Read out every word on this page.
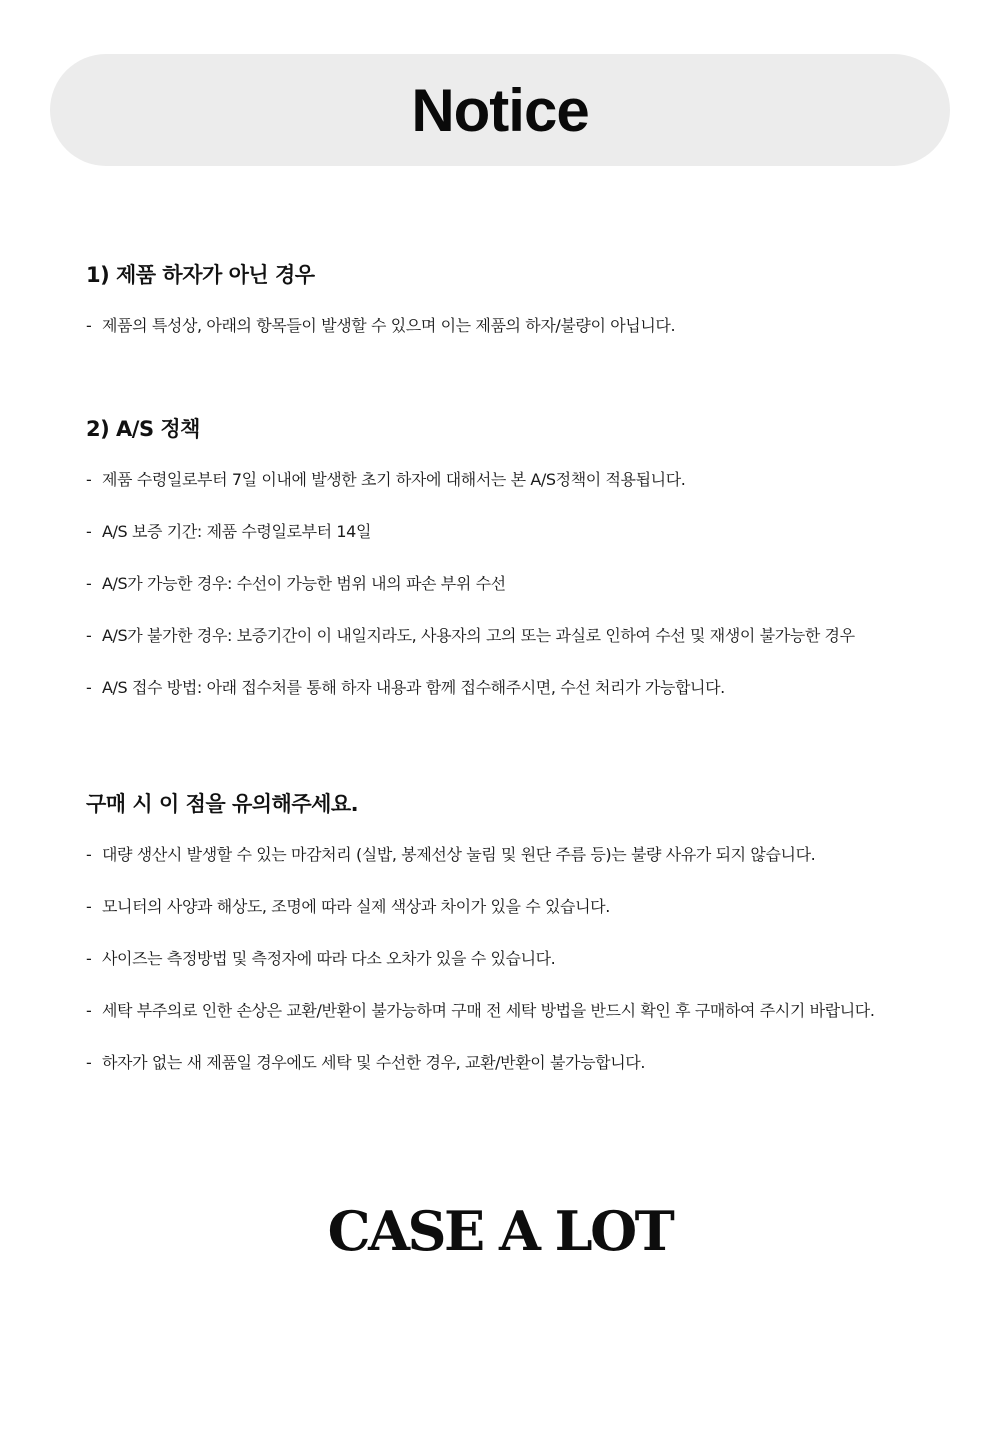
Notice
1) 제품 하자가 아닌 경우
- 제품의 특성상, 아래의 항목들이 발생할 수 있으며 이는 제품의 하자/불량이 아닙니다.
2) A/S 정책
- 제품 수령일로부터 7일 이내에 발생한 초기 하자에 대해서는 본 A/S정책이 적용됩니다.
- A/S 보증 기간: 제품 수령일로부터 14일
- A/S가 가능한 경우: 수선이 가능한 범위 내의 파손 부위 수선
- A/S가 불가한 경우: 보증기간이 이 내일지라도, 사용자의 고의 또는 과실로 인하여 수선 및 재생이 불가능한 경우
- A/S 접수 방법: 아래 접수처를 통해 하자 내용과 함께 접수해주시면, 수선 처리가 가능합니다.
구매 시 이 점을 유의해주세요.
- 대량 생산시 발생할 수 있는 마감처리 (실밥, 봉제선상 눌림 및 원단 주름 등)는 불량 사유가 되지 않습니다.
- 모니터의 사양과 해상도, 조명에 따라 실제 색상과 차이가 있을 수 있습니다.
- 사이즈는 측정방법 및 측정자에 따라 다소 오차가 있을 수 있습니다.
- 세탁 부주의로 인한 손상은 교환/반환이 불가능하며 구매 전 세탁 방법을 반드시 확인 후 구매하여 주시기 바랍니다.
- 하자가 없는 새 제품일 경우에도 세탁 및 수선한 경우, 교환/반환이 불가능합니다.
CASE A LOT
